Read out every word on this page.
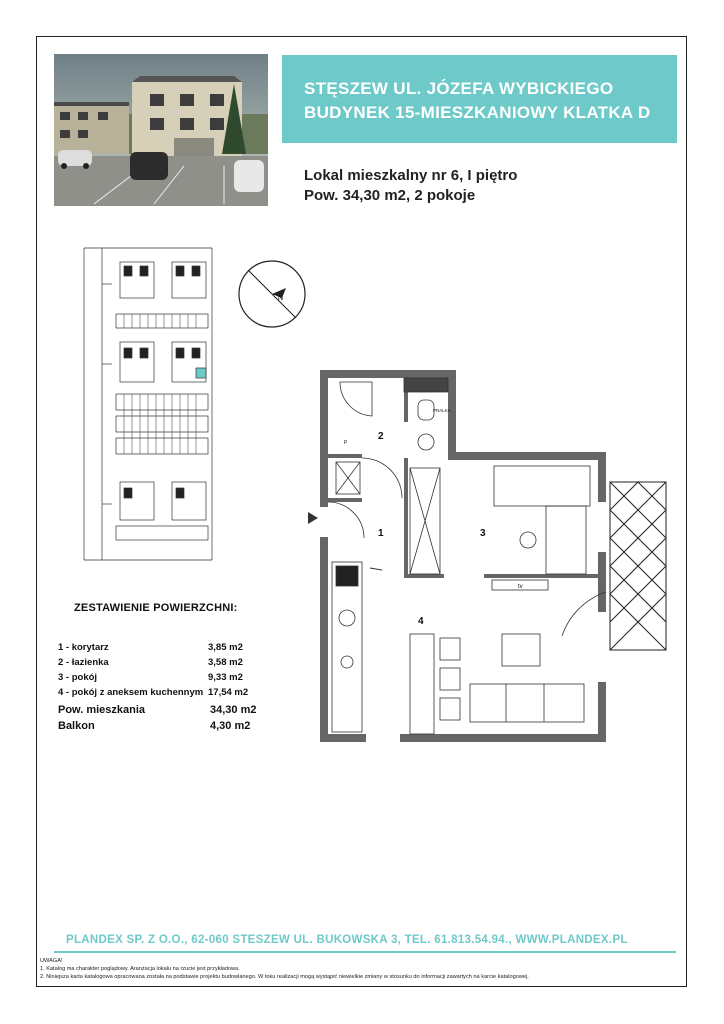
STĘSZEW UL. JÓZEFA WYBICKIEGO
BUDYNEK 15-MIESZKANIOWY KLATKA D
Lokal mieszkalny nr 6, I piętro
Pow. 34,30 m2, 2 pokoje
N
2
1	3
4
tv
PRALKA
P
ZESTAWIENIE POWIERZCHNI:
1 - korytarz	3,85 m2
2 - łazienka	3,58 m2
3 - pokój	9,33 m2
4 - pokój z aneksem kuchennym 17,54 m2
Pow. mieszkania	34,30 m2
Balkon	4,30 m2
PLANDEX SP. Z O.O., 62-060 STESZEW UL. BUKOWSKA 3, TEL. 61.813.54.94., WWW.PLANDEX.PL
UWAGA!
1. Katalog ma charakter poglądowy. Aranżacja lokalu na rzucie jest przykładowa.
2. Niniejsza karta katalogowa opracowana została na podstawie projektu budowlanego. W toku realizacji mogą wystąpić niewielkie zmiany w stosunku do informacji zawartych na karcie katalogowej.
